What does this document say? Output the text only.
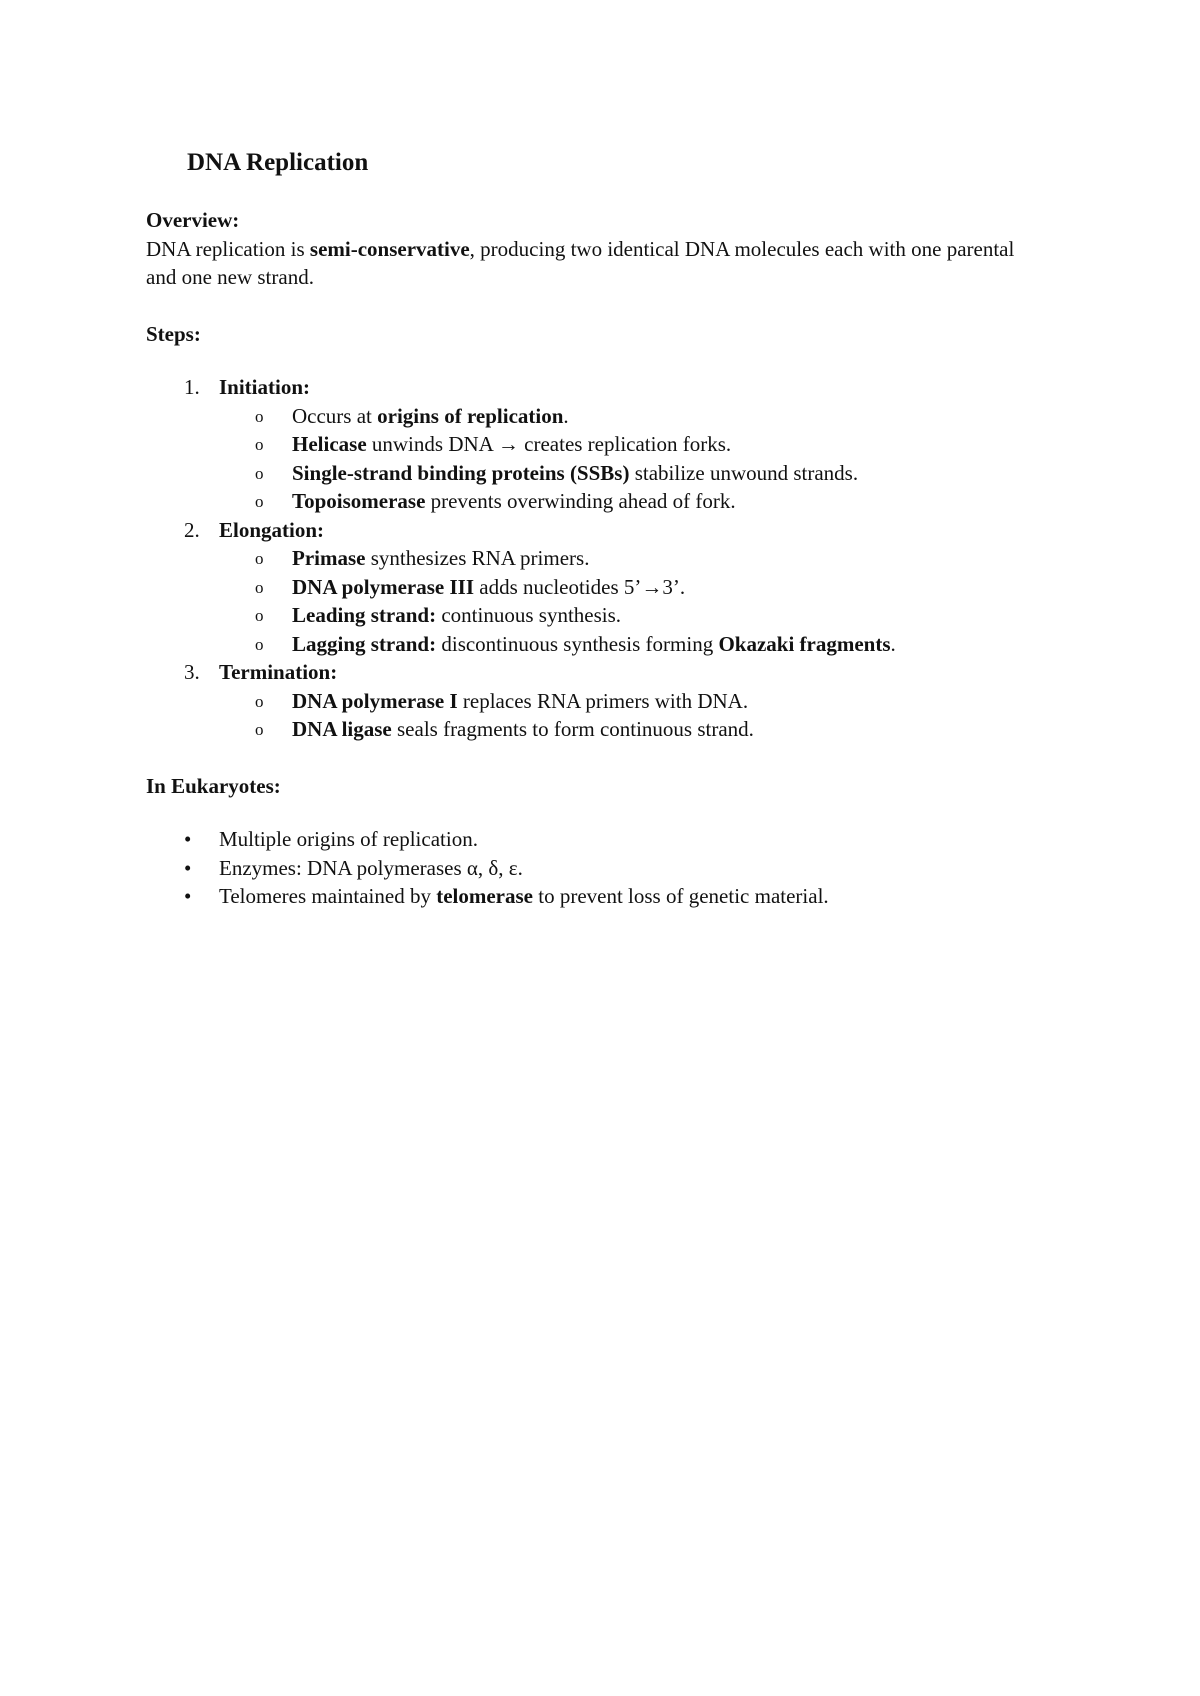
DNA Replication

Overview:

DNA replication is semi-conservative, producing two identical DNA molecules each with one parental and one new strand.

Steps:

1. Initiation:
o Occurs at origins of replication.
o Helicase unwinds DNA → creates replication forks.
o Single-strand binding proteins (SSBs) stabilize unwound strands.
o Topoisomerase prevents overwinding ahead of fork.
2. Elongation:
o Primase synthesizes RNA primers.
o DNA polymerase III adds nucleotides 5’→3’.
o Leading strand: continuous synthesis.
o Lagging strand: discontinuous synthesis forming Okazaki fragments.
3. Termination:
o DNA polymerase I replaces RNA primers with DNA.
o DNA ligase seals fragments to form continuous strand.

In Eukaryotes:

• Multiple origins of replication.
• Enzymes: DNA polymerases α, δ, ε.
• Telomeres maintained by telomerase to prevent loss of genetic material.
